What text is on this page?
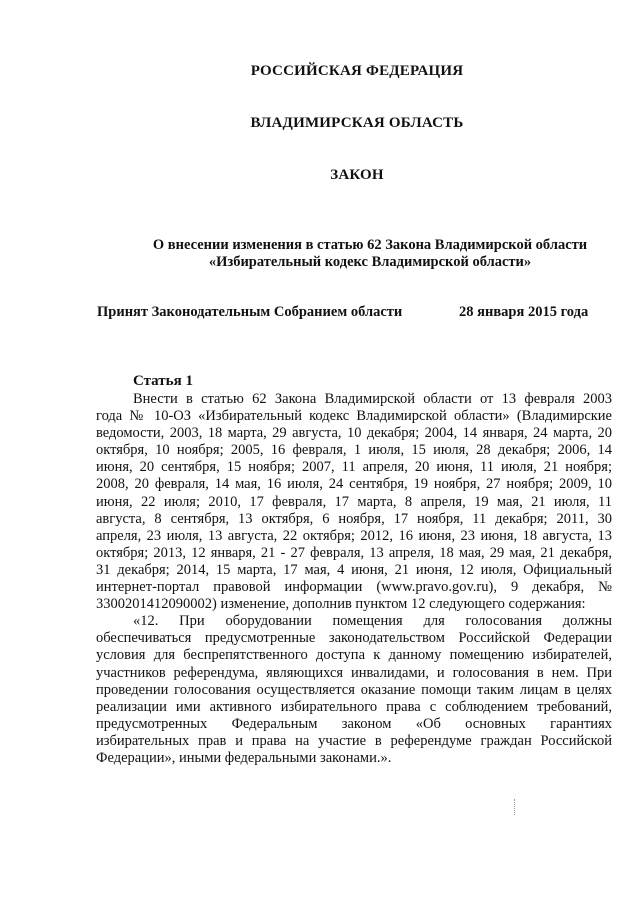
РОССИЙСКАЯ ФЕДЕРАЦИЯ
ВЛАДИМИРСКАЯ ОБЛАСТЬ
ЗАКОН
О внесении изменения в статью 62 Закона Владимирской области
«Избирательный кодекс Владимирской области»
Принят Законодательным Собранием области	28 января 2015 года
Статья 1
Внести в статью 62 Закона Владимирской области от 13 февраля 2003
года № 10-ОЗ «Избирательный кодекс Владимирской области» (Владимирские
ведомости, 2003, 18 марта, 29 августа, 10 декабря; 2004, 14 января, 24 марта, 20
октября, 10 ноября; 2005, 16 февраля, 1 июля, 15 июля, 28 декабря; 2006, 14
июня, 20 сентября, 15 ноября; 2007, 11 апреля, 20 июня, 11 июля, 21 ноября;
2008, 20 февраля, 14 мая, 16 июля, 24 сентября, 19 ноября, 27 ноября; 2009, 10
июня, 22 июля; 2010, 17 февраля, 17 марта, 8 апреля, 19 мая, 21 июля, 11
августа, 8 сентября, 13 октября, 6 ноября, 17 ноября, 11 декабря; 2011, 30
апреля, 23 июля, 13 августа, 22 октября; 2012, 16 июня, 23 июня, 18 августа, 13
октября; 2013, 12 января, 21 - 27 февраля, 13 апреля, 18 мая, 29 мая, 21 декабря,
31 декабря; 2014, 15 марта, 17 мая, 4 июня, 21 июня, 12 июля, Официальный
интернет-портал правовой информации (www.pravo.gov.ru), 9 декабря, №
3300201412090002) изменение, дополнив пунктом 12 следующего содержания:
«12. При оборудовании помещения для голосования должны
обеспечиваться предусмотренные законодательством Российской Федерации
условия для беспрепятственного доступа к данному помещению избирателей,
участников референдума, являющихся инвалидами, и голосования в нем. При
проведении голосования осуществляется оказание помощи таким лицам в целях
реализации ими активного избирательного права с соблюдением требований,
предусмотренных Федеральным законом «Об основных гарантиях
избирательных прав и права на участие в референдуме граждан Российской
Федерации», иными федеральными законами.».
